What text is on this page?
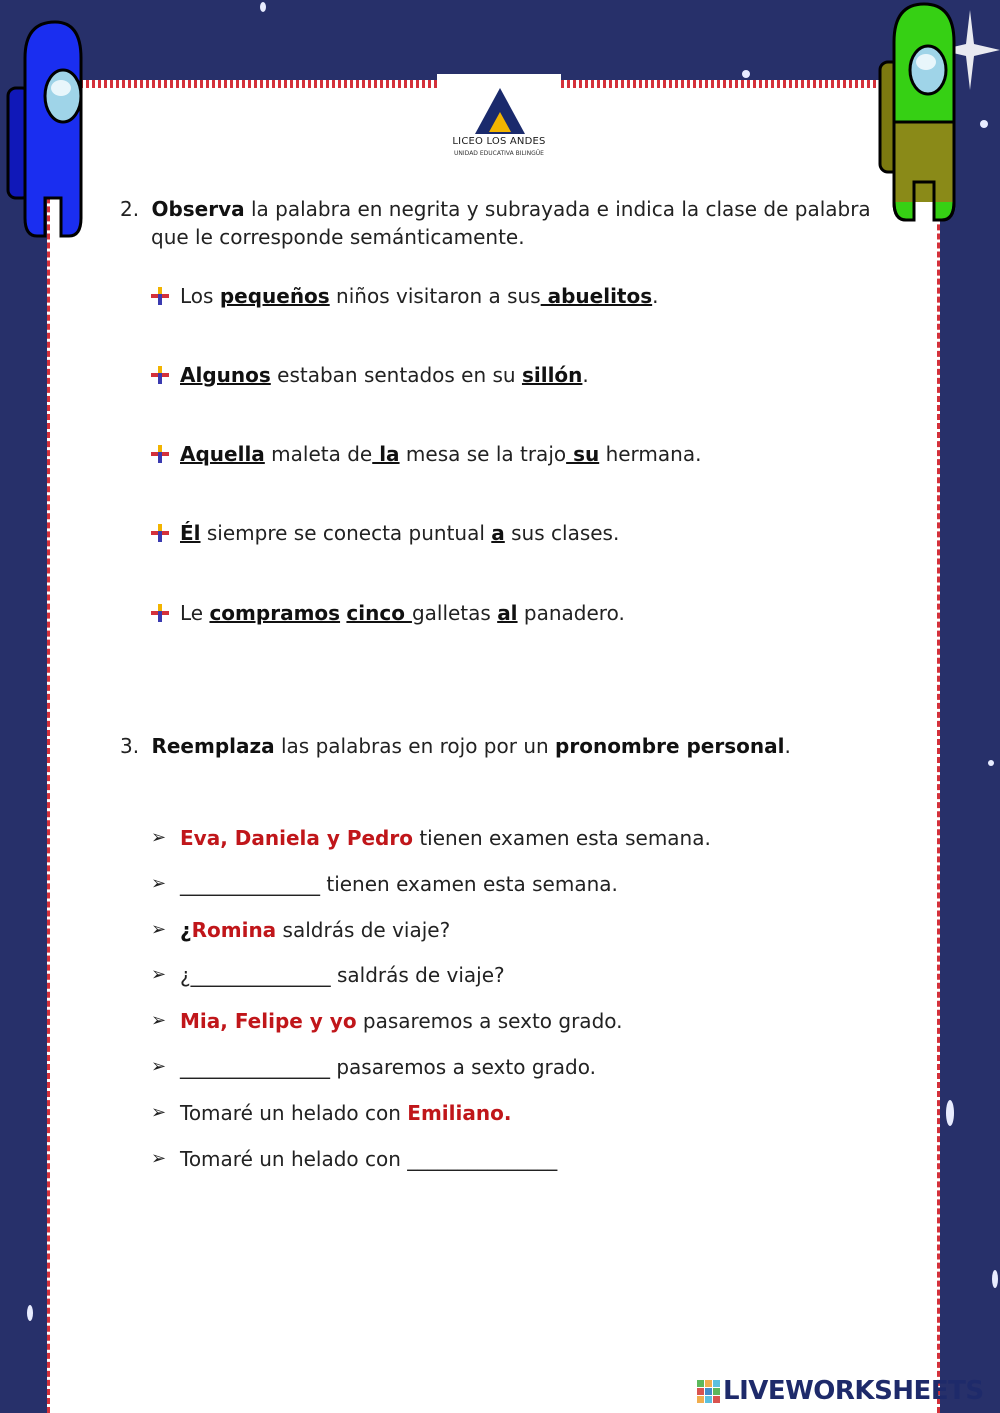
LICEO LOS ANDES
UNIDAD EDUCATIVA BILINGÜE
2. Observa la palabra en negrita y subrayada e indica la clase de palabra
que le corresponde semánticamente.
Los pequeños niños visitaron a sus abuelitos.
Algunos estaban sentados en su sillón.
Aquella maleta de la mesa se la trajo su hermana.
Él siempre se conecta puntual a sus clases.
Le compramos cinco galletas al panadero.
3. Reemplaza las palabras en rojo por un pronombre personal.
➢ Eva, Daniela y Pedro tienen examen esta semana.
➢ ______________ tienen examen esta semana.
➢ ¿Romina saldrás de viaje?
➢ ¿______________ saldrás de viaje?
➢ Mia, Felipe y yo pasaremos a sexto grado.
➢ _______________ pasaremos a sexto grado.
➢ Tomaré un helado con Emiliano.
➢ Tomaré un helado con _______________
LIVEWORKSHEETS
